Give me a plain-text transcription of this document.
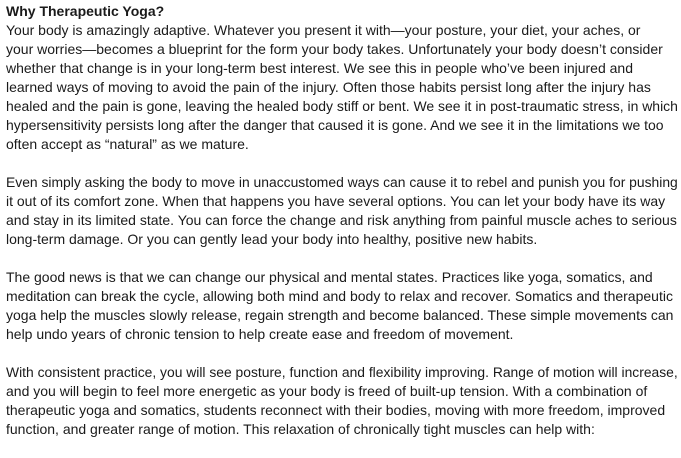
Why Therapeutic Yoga?

Your body is amazingly adaptive. Whatever you present it with—your posture, your diet, your aches, or
your worries—becomes a blueprint for the form your body takes. Unfortunately your body doesn’t consider
whether that change is in your long-term best interest. We see this in people who’ve been injured and
learned ways of moving to avoid the pain of the injury. Often those habits persist long after the injury has
healed and the pain is gone, leaving the healed body stiff or bent. We see it in post-traumatic stress, in which
hypersensitivity persists long after the danger that caused it is gone. And we see it in the limitations we too
often accept as “natural” as we mature.
Even simply asking the body to move in unaccustomed ways can cause it to rebel and punish you for pushing
it out of its comfort zone. When that happens you have several options. You can let your body have its way
and stay in its limited state. You can force the change and risk anything from painful muscle aches to serious
long-term damage. Or you can gently lead your body into healthy, positive new habits.
The good news is that we can change our physical and mental states. Practices like yoga, somatics, and
meditation can break the cycle, allowing both mind and body to relax and recover. Somatics and therapeutic
yoga help the muscles slowly release, regain strength and become balanced. These simple movements can
help undo years of chronic tension to help create ease and freedom of movement.
With consistent practice, you will see posture, function and flexibility improving. Range of motion will increase,
and you will begin to feel more energetic as your body is freed of built-up tension. With a combination of
therapeutic yoga and somatics, students reconnect with their bodies, moving with more freedom, improved
function, and greater range of motion. This relaxation of chronically tight muscles can help with:
